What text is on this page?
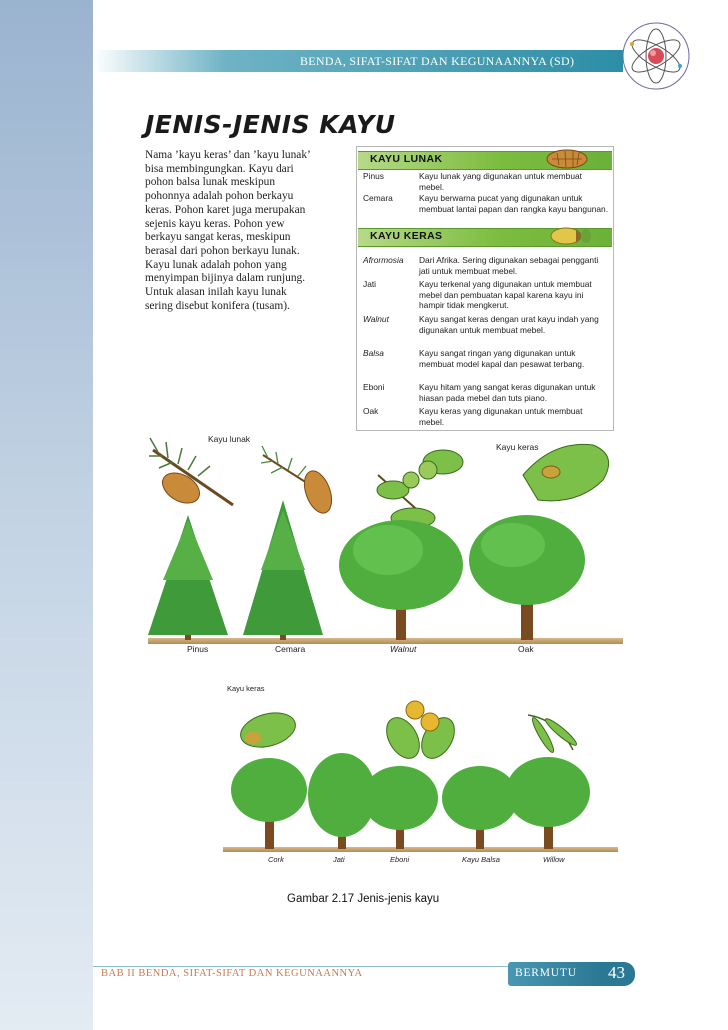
BENDA, SIFAT-SIFAT DAN KEGUNAANNYA (SD)
JENIS-JENIS KAYU

Nama ’kayu keras’ dan ’kayu lunak’

bisa membingungkan. Kayu dari

pohon balsa lunak meskipun

pohonnya adalah pohon berkayu

keras. Pohon karet juga merupakan

sejenis kayu keras. Pohon yew

berkayu sangat keras, meskipun

berasal dari pohon berkayu lunak.

Kayu lunak adalah pohon yang

menyimpan bijinya dalam runjung.

Untuk alasan inilah kayu lunak

sering disebut konifera (tusam).

KAYU LUNAK
Pinus	Kayu lunak yang digunakan untuk membuat mebel.
Cemara	Kayu berwarna pucat yang digunakan untuk membuat lantai papan dan rangka kayu bangunan.
KAYU KERAS
Afrormosia	Dari Afrika. Sering digunakan sebagai pengganti jati untuk membuat mebel.
Jati	Kayu terkenal yang digunakan untuk membuat mebel dan pembuatan kapal karena kayu ini hampir tidak mengkerut.
Walnut	Kayu sangat keras dengan urat kayu indah yang digunakan untuk membuat mebel.
Balsa	Kayu sangat ringan yang digunakan untuk membuat model kapal dan pesawat terbang.
Eboni	Kayu hitam yang sangat keras digunakan untuk hiasan pada mebel dan tuts piano.
Oak	Kayu keras yang digunakan untuk membuat mebel.
Kayu lunak
Kayu keras
Pinus	Cemara	Walnut	Oak
Kayu keras
Cork	Jati	Eboni	Kayu Balsa	Willow
Gambar 2.17 Jenis-jenis kayu
BAB II BENDA, SIFAT-SIFAT DAN KEGUNAANNYA	BERMUTU 43
